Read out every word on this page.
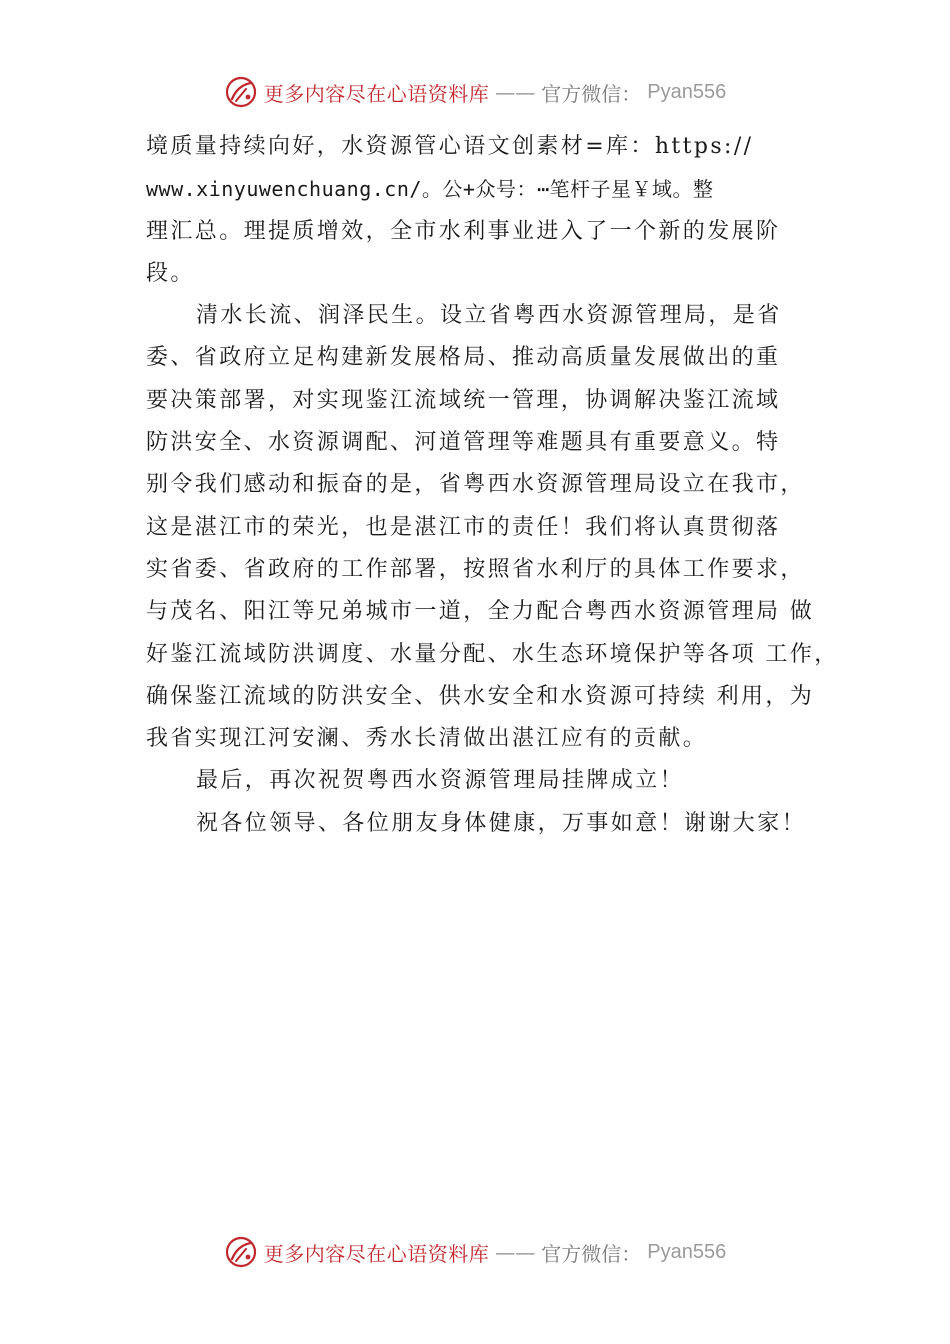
更多内容尽在心语资料库 —— 官方微信： Pyan556
境质量持续向好，水资源管心语文创素材=库：https://
www.xinyuwenchuang.cn/。公+众号：⋯笔杆子星￥域。整
理汇总。理提质增效，全市水利事业进入了一个新的发展阶
段。
清水长流、润泽民生。设立省粤西水资源管理局，是省
委、省政府立足构建新发展格局、推动高质量发展做出的重
要决策部署，对实现鉴江流域统一管理，协调解决鉴江流域
防洪安全、水资源调配、河道管理等难题具有重要意义。特
别令我们感动和振奋的是，省粤西水资源管理局设立在我市，
这是湛江市的荣光，也是湛江市的责任！我们将认真贯彻落
实省委、省政府的工作部署，按照省水利厅的具体工作要求，
与茂名、阳江等兄弟城市一道，全力配合粤西水资源管理局 做
好鉴江流域防洪调度、水量分配、水生态环境保护等各项 工作，
确保鉴江流域的防洪安全、供水安全和水资源可持续 利用，为
我省实现江河安澜、秀水长清做出湛江应有的贡献。
最后，再次祝贺粤西水资源管理局挂牌成立！
祝各位领导、各位朋友身体健康，万事如意！谢谢大家！
更多内容尽在心语资料库 —— 官方微信： Pyan556
